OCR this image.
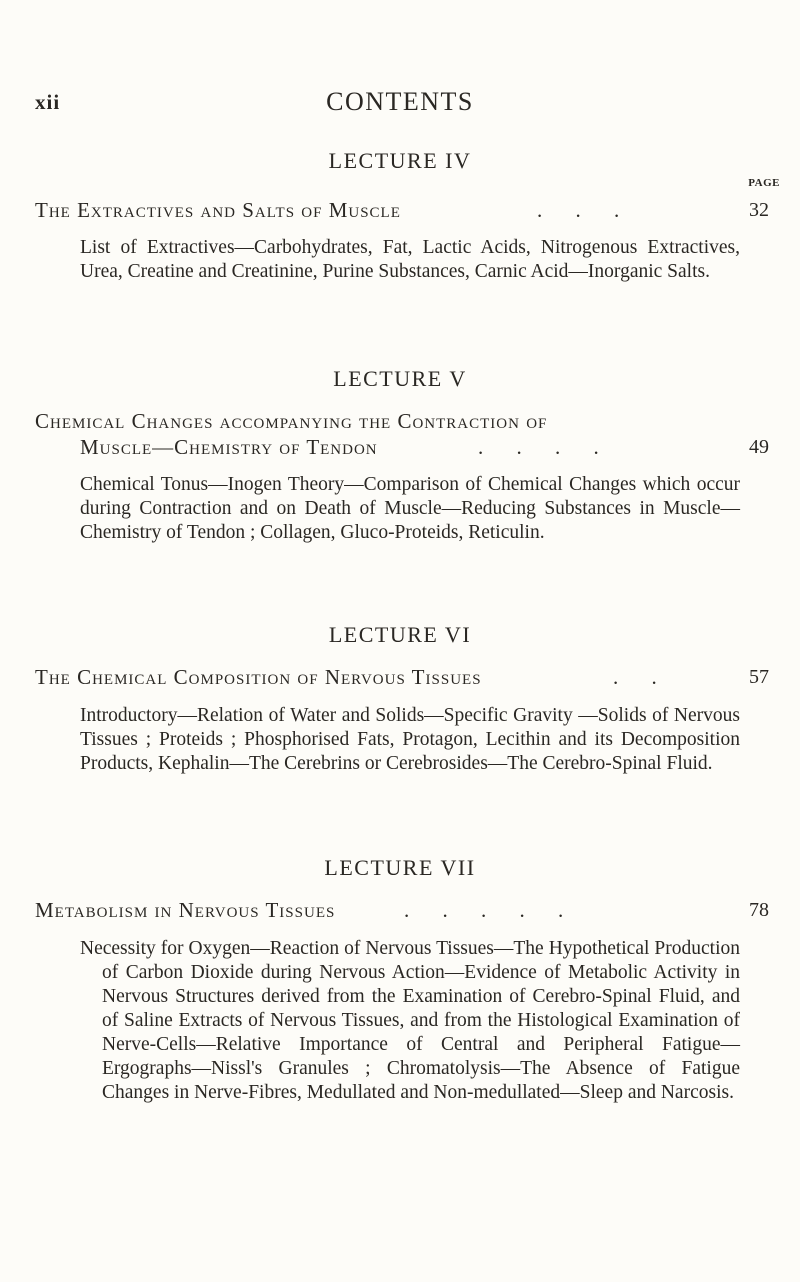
xii	CONTENTS
LECTURE IV
PAGE
The Extractives and Salts of Muscle	. . .	32

List of Extractives—Carbohydrates, Fat, Lactic Acids, Nitrogenous Extractives, Urea, Creatine and Creatinine, Purine Substances, Carnic Acid—Inorganic Salts.

LECTURE V
Chemical Changes accompanying the Contraction of
Muscle—Chemistry of Tendon	. . . .	49

Chemical Tonus—Inogen Theory—Comparison of Chemical Changes which occur during Contraction and on Death of Muscle—Reducing Substances in Muscle—Chemistry of Tendon ; Collagen, Gluco-Proteids, Reticulin.

LECTURE VI
The Chemical Composition of Nervous Tissues	. .	57

Introductory—Relation of Water and Solids—Specific Gravity —Solids of Nervous Tissues ; Proteids ; Phosphorised Fats, Protagon, Lecithin and its Decomposition Products, Kephalin—The Cerebrins or Cerebrosides—The Cerebro-Spinal Fluid.

LECTURE VII
Metabolism in Nervous Tissues	. . . . .	78

Necessity for Oxygen—Reaction of Nervous Tissues—The Hypothetical Production of Carbon Dioxide during Nervous Action—Evidence of Metabolic Activity in Nervous Structures derived from the Examination of Cerebro-Spinal Fluid, and of Saline Extracts of Nervous Tissues, and from the Histological Examination of Nerve-Cells—Relative Importance of Central and Peripheral Fatigue—Ergographs—Nissl's Granules ; Chromatolysis—The Absence of Fatigue Changes in Nerve-Fibres, Medullated and Non-medullated—Sleep and Narcosis.
